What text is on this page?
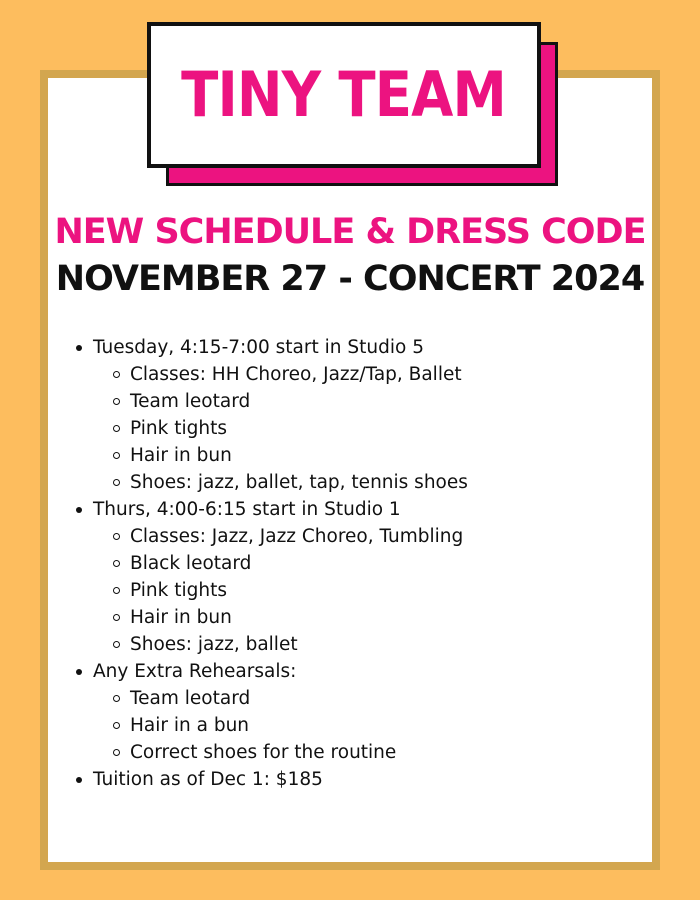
TINY TEAM
NEW SCHEDULE & DRESS CODE
NOVEMBER 27 - CONCERT 2024
Tuesday, 4:15-7:00 start in Studio 5
Classes: HH Choreo, Jazz/Tap, Ballet
Team leotard
Pink tights
Hair in bun
Shoes: jazz, ballet, tap, tennis shoes
Thurs, 4:00-6:15 start in Studio 1
Classes: Jazz, Jazz Choreo, Tumbling
Black leotard
Pink tights
Hair in bun
Shoes: jazz, ballet
Any Extra Rehearsals:
Team leotard
Hair in a bun
Correct shoes for the routine
Tuition as of Dec 1: $185
